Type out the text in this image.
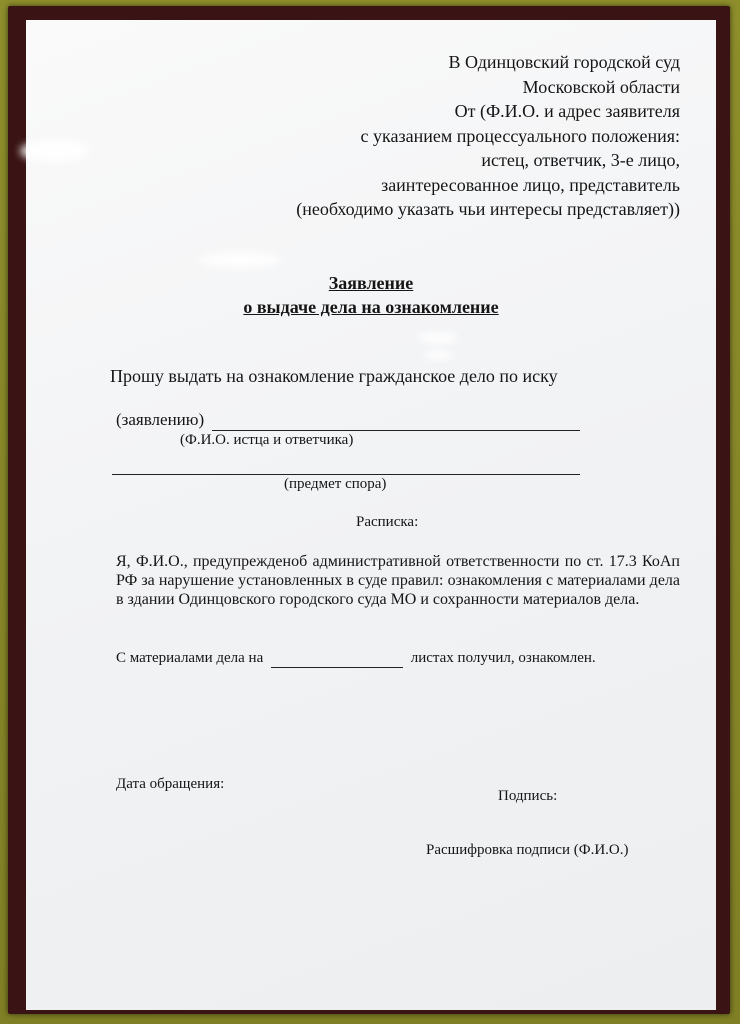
В Одинцовский городской суд
Московской области
От (Ф.И.О. и адрес заявителя
с указанием процессуального положения:
истец, ответчик, 3-е лицо,
заинтересованное лицо, представитель
(необходимо указать чьи интересы представляет))
Заявление
о выдаче дела на ознакомление
Прошу выдать на ознакомление гражданское дело по иску
(заявлению)
(Ф.И.О. истца и ответчика)

(предмет спора)
Расписка:
Я, Ф.И.О., предупрежденоб административной ответственности по ст. 17.3 КоАп РФ за нарушение установленных в суде правил: ознакомления с материалами дела в здании Одинцовского городского суда МО и сохранности материалов дела.
С материалами дела на	листах получил, ознакомлен.
Дата обращения:
Подпись:
Расшифровка подписи (Ф.И.О.)
